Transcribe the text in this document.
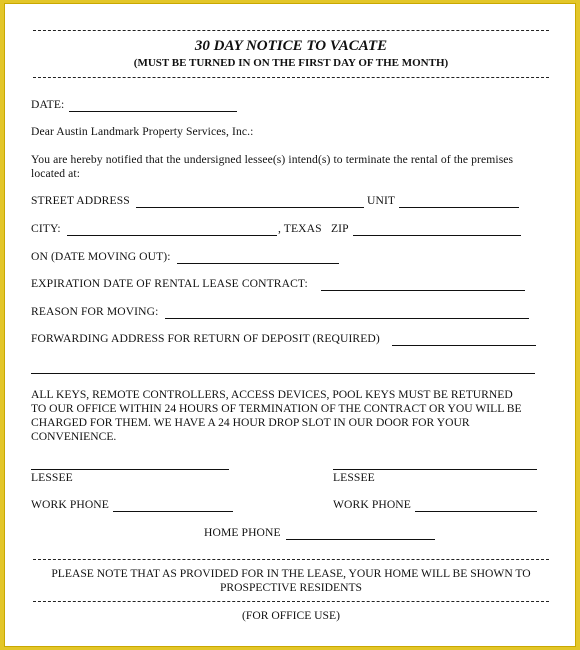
30 DAY NOTICE TO VACATE
(MUST BE TURNED IN ON THE FIRST DAY OF THE MONTH)
DATE:
Dear Austin Landmark Property Services, Inc.:
You are hereby notified that the undersigned lessee(s) intend(s) to terminate the rental of the premises
located at:
STREET ADDRESS	UNIT
CITY:	, TEXAS ZIP
ON (DATE MOVING OUT):
EXPIRATION DATE OF RENTAL LEASE CONTRACT:
REASON FOR MOVING:
FORWARDING ADDRESS FOR RETURN OF DEPOSIT (REQUIRED)
ALL KEYS, REMOTE CONTROLLERS, ACCESS DEVICES, POOL KEYS MUST BE RETURNED
TO OUR OFFICE WITHIN 24 HOURS OF TERMINATION OF THE CONTRACT OR YOU WILL BE
CHARGED FOR THEM. WE HAVE A 24 HOUR DROP SLOT IN OUR DOOR FOR YOUR
CONVENIENCE.
LESSEE	LESSEE
WORK PHONE	WORK PHONE
HOME PHONE
PLEASE NOTE THAT AS PROVIDED FOR IN THE LEASE, YOUR HOME WILL BE SHOWN TO
PROSPECTIVE RESIDENTS
(FOR OFFICE USE)
